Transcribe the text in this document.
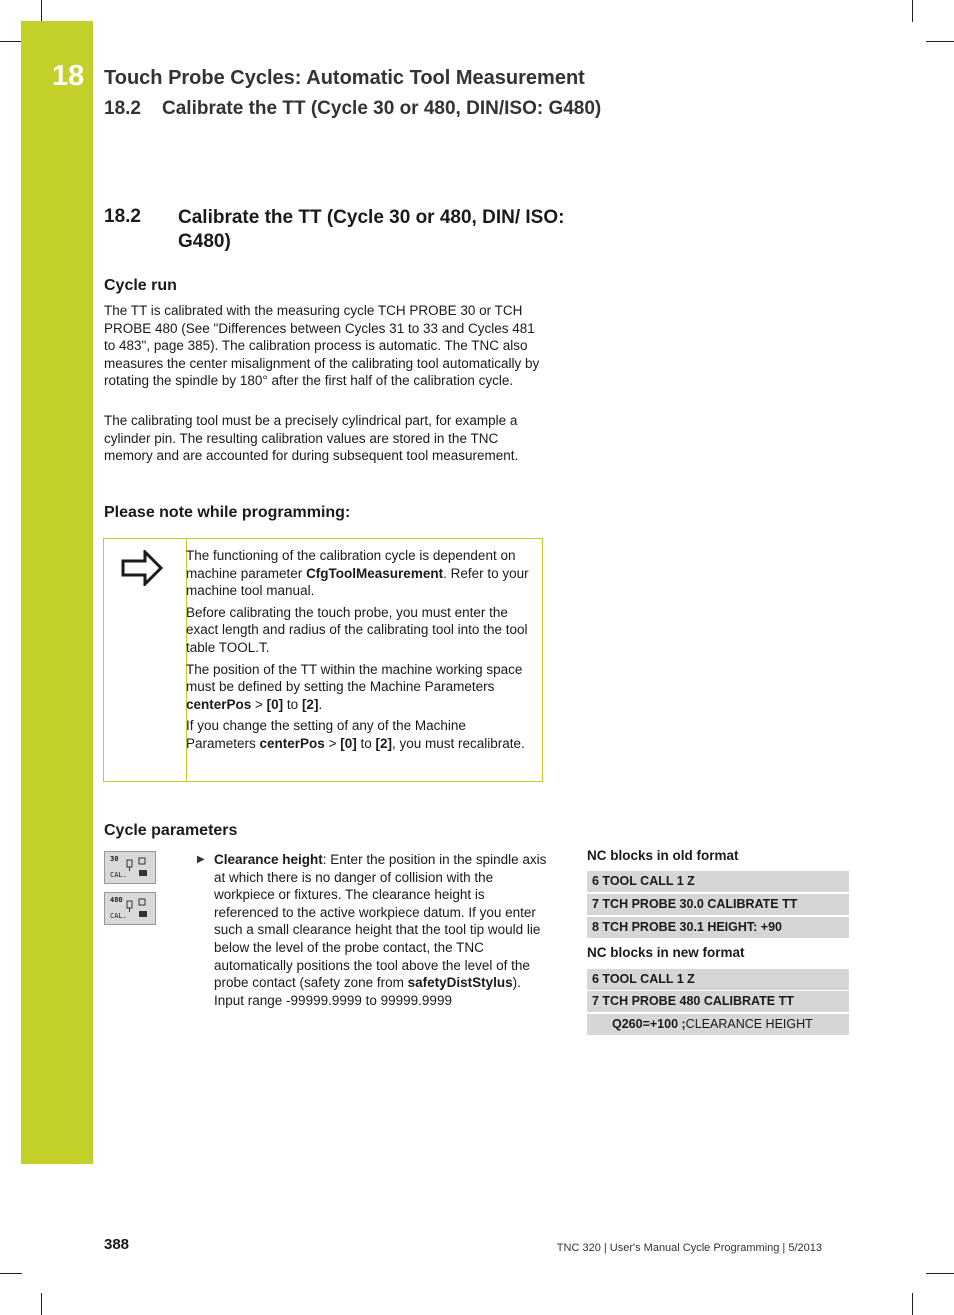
18 Touch Probe Cycles: Automatic Tool Measurement
18.2 Calibrate the TT (Cycle 30 or 480, DIN/ISO: G480)
18.2 Calibrate the TT (Cycle 30 or 480, DIN/ ISO: G480)
Cycle run

The TT is calibrated with the measuring cycle TCH PROBE 30 or TCH PROBE 480 (See "Differences between Cycles 31 to 33 and Cycles 481 to 483", page 385). The calibration process is automatic. The TNC also measures the center misalignment of the calibrating tool automatically by rotating the spindle by 180° after the first half of the calibration cycle.

The calibrating tool must be a precisely cylindrical part, for example a cylinder pin. The resulting calibration values are stored in the TNC memory and are accounted for during subsequent tool measurement.

Please note while programming:

The functioning of the calibration cycle is dependent on machine parameter CfgToolMeasurement. Refer to your machine tool manual.

Before calibrating the touch probe, you must enter the exact length and radius of the calibrating tool into the tool table TOOL.T.

The position of the TT within the machine working space must be defined by setting the Machine Parameters centerPos > [0] to [2].

If you change the setting of any of the Machine Parameters centerPos > [0] to [2], you must recalibrate.

Cycle parameters
30
CAL.
480
CAL.
▶ Clearance height: Enter the position in the spindle axis at which there is no danger of collision with the workpiece or fixtures. The clearance height is referenced to the active workpiece datum. If you enter such a small clearance height that the tool tip would lie below the level of the probe contact, the TNC automatically positions the tool above the level of the probe contact (safety zone from safetyDistStylus). Input range -99999.9999 to 99999.9999

NC blocks in old format
6 TOOL CALL 1 Z
7 TCH PROBE 30.0 CALIBRATE TT
8 TCH PROBE 30.1 HEIGHT: +90
NC blocks in new format
6 TOOL CALL 1 Z
7 TCH PROBE 480 CALIBRATE TT
Q260=+100 ;CLEARANCE HEIGHT
388	TNC 320 | User's Manual Cycle Programming | 5/2013
